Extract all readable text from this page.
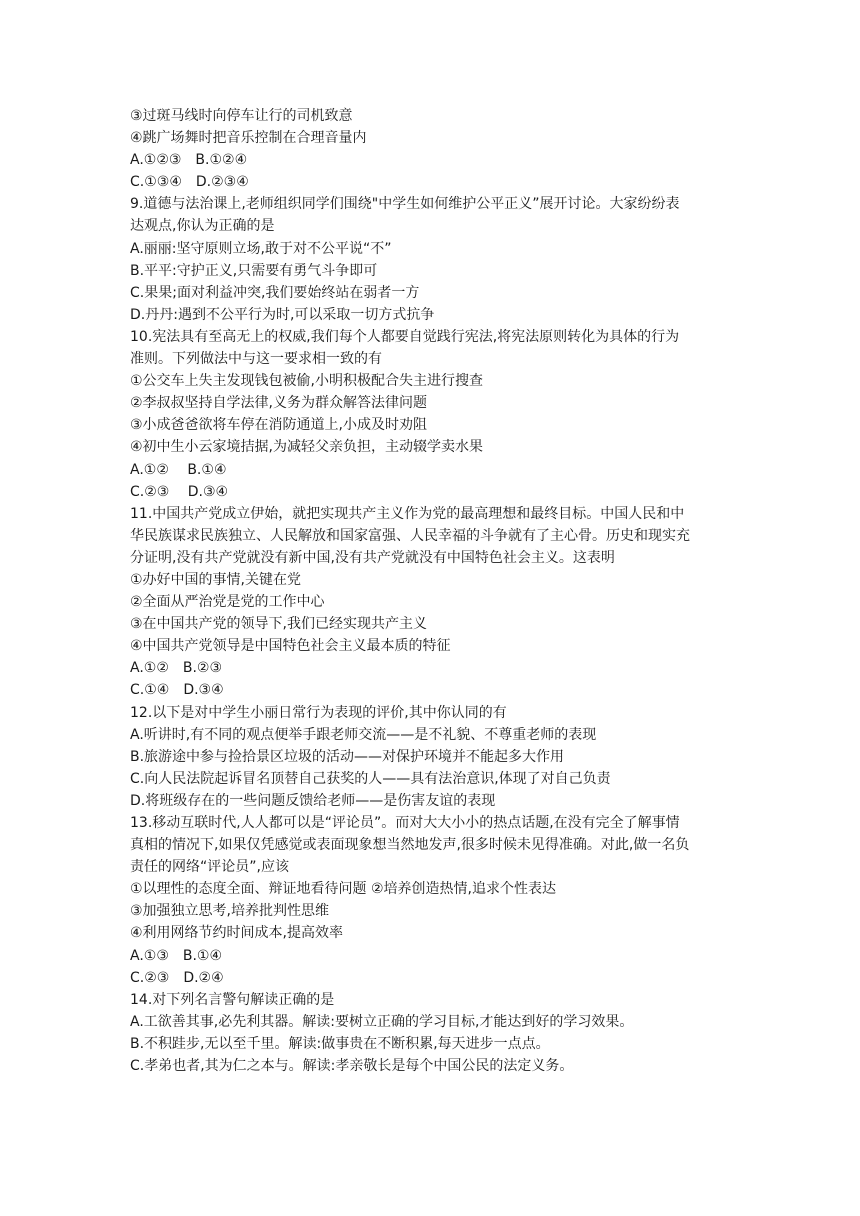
③过斑马线时向停车让行的司机致意
④跳广场舞时把音乐控制在合理音量内
A.①②③　B.①②④
C.①③④　D.②③④
9.道德与法治课上,老师组织同学们围绕"中学生如何维护公平正义”展开讨论。大家纷纷表
达观点,你认为正确的是
A.丽丽:坚守原则立场,敢于对不公平说“不”
B.平平:守护正义,只需要有勇气斗争即可
C.果果;面对利益冲突,我们要始终站在弱者一方
D.丹丹:遇到不公平行为时,可以采取一切方式抗争
10.宪法具有至高无上的权威,我们每个人都要自觉践行宪法,将宪法原则转化为具体的行为
准则。下列做法中与这一要求相一致的有
①公交车上失主发现钱包被偷,小明积极配合失主进行搜查
②李叔叔坚持自学法律,义务为群众解答法律问题
③小成爸爸欲将车停在消防通道上,小成及时劝阻
④初中生小云家境拮据,为减轻父亲负担，主动辍学卖水果
A.①②　 B.①④
C.②③　 D.③④
11.中国共产党成立伊始，就把实现共产主义作为党的最高理想和最终目标。中国人民和中
华民族谋求民族独立、人民解放和国家富强、人民幸福的斗争就有了主心骨。历史和现实充
分证明,没有共产党就没有新中国,没有共产党就没有中国特色社会主义。这表明
①办好中国的事情,关键在党
②全面从严治党是党的工作中心
③在中国共产党的领导下,我们已经实现共产主义
④中国共产党领导是中国特色社会主义最本质的特征
A.①②　B.②③
C.①④　D.③④
12.以下是对中学生小丽日常行为表现的评价,其中你认同的有
A.听讲时,有不同的观点便举手跟老师交流——是不礼貌、不尊重老师的表现
B.旅游途中参与捡拾景区垃圾的活动——对保护环境并不能起多大作用
C.向人民法院起诉冒名顶替自己获奖的人——具有法治意识,体现了对自己负责
D.将班级存在的一些问题反馈给老师——是伤害友谊的表现
13.移动互联时代,人人都可以是“评论员”。而对大大小小的热点话题,在没有完全了解事情
真相的情况下,如果仅凭感觉或表面现象想当然地发声,很多时候未见得准确。对此,做一名负
责任的网络“评论员”,应该
①以理性的态度全面、辩证地看待问题 ②培养创造热情,追求个性表达
③加强独立思考,培养批判性思维
④利用网络节约时间成本,提高效率
A.①③　B.①④
C.②③　D.②④
14.对下列名言警句解读正确的是
A.工欲善其事,必先利其器。解读:要树立正确的学习目标,才能达到好的学习效果。
B.不积跬步,无以至千里。解读:做事贵在不断积累,每天进步一点点。
C.孝弟也者,其为仁之本与。解读:孝亲敬长是每个中国公民的法定义务。
